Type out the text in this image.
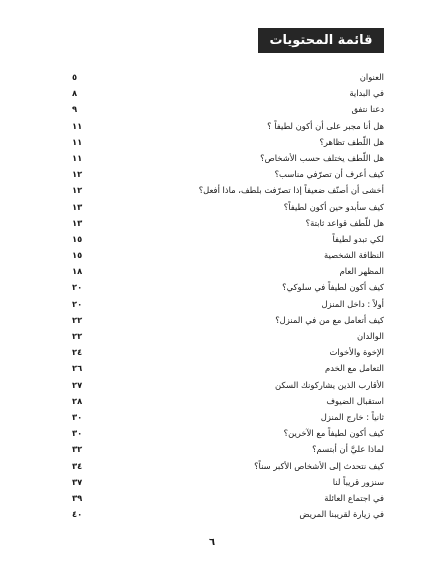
قائمة المحتويات
العنوان
٥
في البداية
٨
دعنا نتفق
٩
هل أنا مجبر على أن أكون لطيفاً ؟
١١
هل اللّطف تظاهر؟
١١
هل اللّطف يختلف حسب الأشخاص؟
١١
كيف أعرف أن تصرّفي مناسب؟
١٢
أخشى أن أصنّف ضعيفاً إذا تصرّفت بلطف، ماذا أفعل؟
١٢
كيف سأبدو حين أكون لطيفاً؟
١٣
هل للّطف قواعد ثابتة؟
١٣
لكي تبدو لطيفاً
١٥
النظافة الشخصية
١٥
المظهر العام
١٨
كيف أكون لطيفاً في سلوكي؟
٢٠
أولاً : داخل المنزل
٢٠
كيف أتعامل مع من في المنزل؟
٢٢
الوالدان
٢٢
الإخوة والأخوات
٢٤
التعامل مع الخدم
٢٦
الأقارب الذين يشاركونك السكن
٢٧
استقبال الضيوف
٢٨
ثانياً : خارج المنزل
٣٠
كيف أكون لطيفاً مع الآخرين؟
٣٠
لماذا عليَّ أن أبتسم؟
٣٢
كيف نتحدث إلى الأشخاص الأكبر سناً؟
٣٤
سنزور قريباً لنا
٣٧
في اجتماع العائلة
٣٩
في زيارة لقريبنا المريض
٤٠
٦
